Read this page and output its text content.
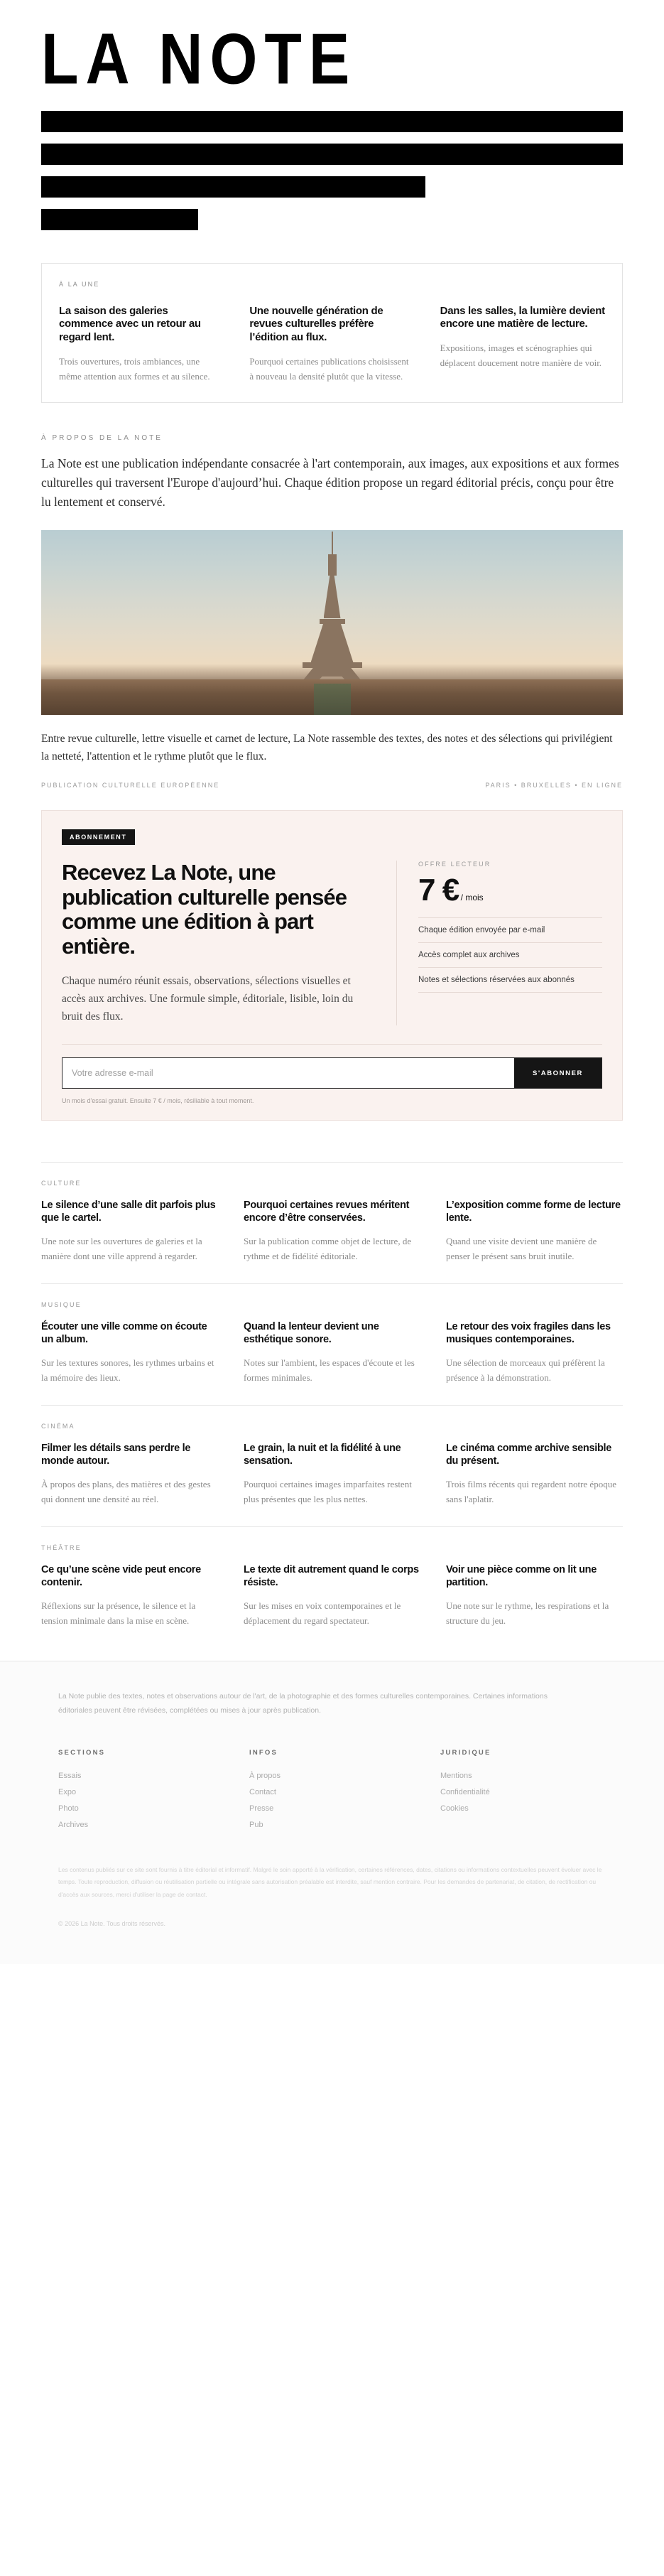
LA NOTE
À LA UNE
La saison des galeries commence avec un retour au regard lent.

Trois ouvertures, trois ambiances, une même attention aux formes et au silence.

Une nouvelle génération de revues culturelles préfère l’édition au flux.

Pourquoi certaines publications choisissent à nouveau la densité plutôt que la vitesse.

Dans les salles, la lumière devient encore une matière de lecture.

Expositions, images et scénographies qui déplacent doucement notre manière de voir.

À PROPOS DE LA NOTE

La Note est une publication indépendante consacrée à l'art contemporain, aux images, aux expositions et aux formes culturelles qui traversent l'Europe d'aujourd’hui. Chaque édition propose un regard éditorial précis, conçu pour être lu lentement et conservé.

Entre revue culturelle, lettre visuelle et carnet de lecture, La Note rassemble des textes, des notes et des sélections qui privilégient la netteté, l'attention et le rythme plutôt que le flux.

PUBLICATION CULTURELLE EUROPÉENNE	PARIS • BRUXELLES • EN LIGNE
ABONNEMENT
Recevez La Note, une publication culturelle pensée comme une édition à part entière.

Chaque numéro réunit essais, observations, sélections visuelles et accès aux archives. Une formule simple, éditoriale, lisible, loin du bruit des flux.

OFFRE LECTEUR
7 € / mois
Chaque édition envoyée par e-mail
Accès complet aux archives
Notes et sélections réservées aux abonnés
Votre adresse e-mail
S'ABONNER
Un mois d'essai gratuit. Ensuite 7 € / mois, résiliable à tout moment.
CULTURE
Le silence d’une salle dit parfois plus que le cartel.

Une note sur les ouvertures de galeries et la manière dont une ville apprend à regarder.

Pourquoi certaines revues méritent encore d’être conservées.

Sur la publication comme objet de lecture, de rythme et de fidélité éditoriale.

L’exposition comme forme de lecture lente.

Quand une visite devient une manière de penser le présent sans bruit inutile.

MUSIQUE
Écouter une ville comme on écoute un album.

Sur les textures sonores, les rythmes urbains et la mémoire des lieux.

Quand la lenteur devient une esthétique sonore.

Notes sur l'ambient, les espaces d'écoute et les formes minimales.

Le retour des voix fragiles dans les musiques contemporaines.

Une sélection de morceaux qui préfèrent la présence à la démonstration.

CINÉMA
Filmer les détails sans perdre le monde autour.

À propos des plans, des matières et des gestes qui donnent une densité au réel.

Le grain, la nuit et la fidélité à une sensation.

Pourquoi certaines images imparfaites restent plus présentes que les plus nettes.

Le cinéma comme archive sensible du présent.

Trois films récents qui regardent notre époque sans l'aplatir.

THÉÂTRE
Ce qu’une scène vide peut encore contenir.

Réflexions sur la présence, le silence et la tension minimale dans la mise en scène.

Le texte dit autrement quand le corps résiste.

Sur les mises en voix contemporaines et le déplacement du regard spectateur.

Voir une pièce comme on lit une partition.

Une note sur le rythme, les respirations et la structure du jeu.

La Note publie des textes, notes et observations autour de l'art, de la photographie et des formes culturelles contemporaines. Certaines informations éditoriales peuvent être révisées, complétées ou mises à jour après publication.

SECTIONS
Essais
Expo
Photo
Archives
INFOS
À propos
Contact
Presse
Pub
JURIDIQUE
Mentions
Confidentialité
Cookies

Les contenus publiés sur ce site sont fournis à titre éditorial et informatif. Malgré le soin apporté à la vérification, certaines références, dates, citations ou informations contextuelles peuvent évoluer avec le temps. Toute reproduction, diffusion ou réutilisation partielle ou intégrale sans autorisation préalable est interdite, sauf mention contraire. Pour les demandes de partenariat, de citation, de rectification ou d'accès aux sources, merci d'utiliser la page de contact.

© 2026 La Note. Tous droits réservés.
